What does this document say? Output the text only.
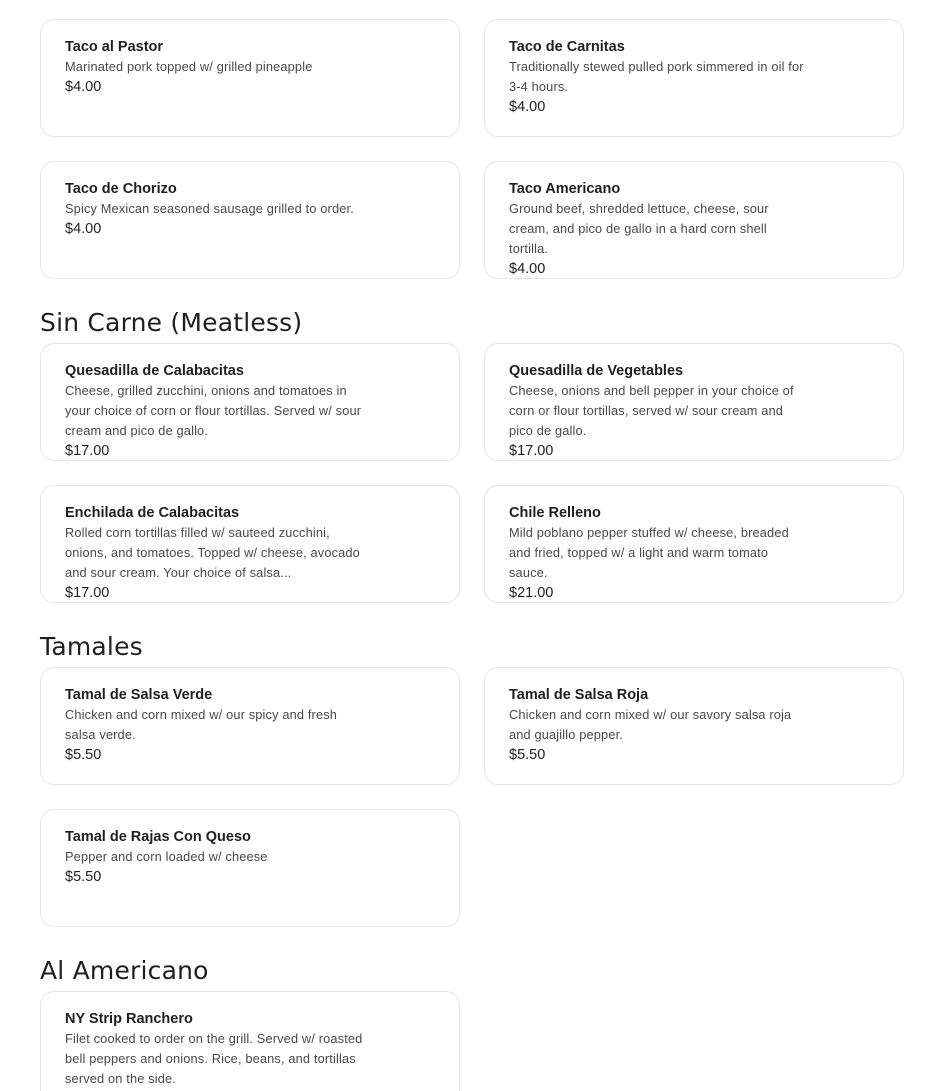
Taco al Pastor
Marinated pork topped w/ grilled pineapple
$4.00
Taco de Carnitas
Traditionally stewed pulled pork simmered in oil for 3-4 hours.
$4.00
Taco de Chorizo
Spicy Mexican seasoned sausage grilled to order.
$4.00
Taco Americano
Ground beef, shredded lettuce, cheese, sour cream, and pico de gallo in a hard corn shell tortilla.
$4.00
Sin Carne (Meatless)
Quesadilla de Calabacitas
Cheese, grilled zucchini, onions and tomatoes in your choice of corn or flour tortillas. Served w/ sour cream and pico de gallo.
$17.00
Quesadilla de Vegetables
Cheese, onions and bell pepper in your choice of corn or flour tortillas, served w/ sour cream and pico de gallo.
$17.00
Enchilada de Calabacitas
Rolled corn tortillas filled w/ sauteed zucchini, onions, and tomatoes. Topped w/ cheese, avocado and sour cream. Your choice of salsa...
$17.00
Chile Relleno
Mild poblano pepper stuffed w/ cheese, breaded and fried, topped w/ a light and warm tomato sauce.
$21.00
Tamales
Tamal de Salsa Verde
Chicken and corn mixed w/ our spicy and fresh salsa verde.
$5.50
Tamal de Salsa Roja
Chicken and corn mixed w/ our savory salsa roja and guajillo pepper.
$5.50
Tamal de Rajas Con Queso
Pepper and corn loaded w/ cheese
$5.50
Al Americano
NY Strip Ranchero
Filet cooked to order on the grill. Served w/ roasted bell peppers and onions. Rice, beans, and tortillas served on the side.
